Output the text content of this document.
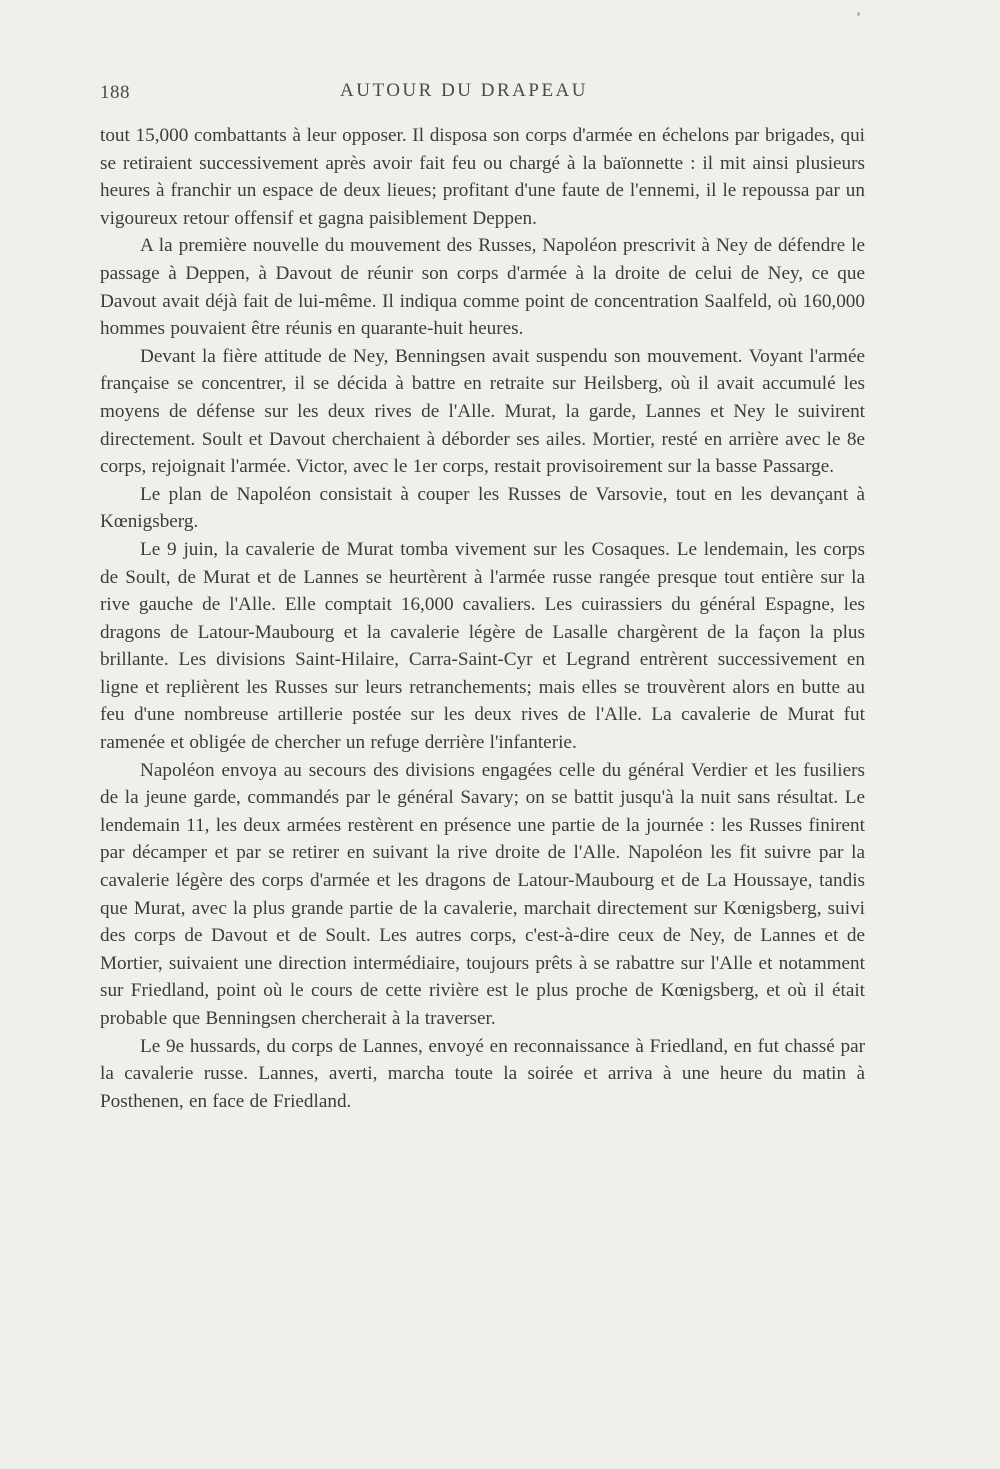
188	AUTOUR DU DRAPEAU

tout 15,000 combattants à leur opposer. Il disposa son corps d'armée en échelons par brigades, qui se retiraient successivement après avoir fait feu ou chargé à la baïonnette : il mit ainsi plusieurs heures à franchir un espace de deux lieues; profitant d'une faute de l'ennemi, il le repoussa par un vigoureux retour offensif et gagna paisiblement Deppen.

A la première nouvelle du mouvement des Russes, Napoléon prescrivit à Ney de défendre le passage à Deppen, à Davout de réunir son corps d'armée à la droite de celui de Ney, ce que Davout avait déjà fait de lui-même. Il indiqua comme point de concentration Saalfeld, où 160,000 hommes pouvaient être réunis en quarante-huit heures.

Devant la fière attitude de Ney, Benningsen avait suspendu son mouvement. Voyant l'armée française se concentrer, il se décida à battre en retraite sur Heilsberg, où il avait accumulé les moyens de défense sur les deux rives de l'Alle. Murat, la garde, Lannes et Ney le suivirent directement. Soult et Davout cherchaient à déborder ses ailes. Mortier, resté en arrière avec le 8e corps, rejoignait l'armée. Victor, avec le 1er corps, restait provisoirement sur la basse Passarge.

Le plan de Napoléon consistait à couper les Russes de Varsovie, tout en les devançant à Kœnigsberg.

Le 9 juin, la cavalerie de Murat tomba vivement sur les Cosaques. Le lendemain, les corps de Soult, de Murat et de Lannes se heurtèrent à l'armée russe rangée presque tout entière sur la rive gauche de l'Alle. Elle comptait 16,000 cavaliers. Les cuirassiers du général Espagne, les dragons de Latour-Maubourg et la cavalerie légère de Lasalle chargèrent de la façon la plus brillante. Les divisions Saint-Hilaire, Carra-Saint-Cyr et Legrand entrèrent successivement en ligne et replièrent les Russes sur leurs retranchements; mais elles se trouvèrent alors en butte au feu d'une nombreuse artillerie postée sur les deux rives de l'Alle. La cavalerie de Murat fut ramenée et obligée de chercher un refuge derrière l'infanterie.

Napoléon envoya au secours des divisions engagées celle du général Verdier et les fusiliers de la jeune garde, commandés par le général Savary; on se battit jusqu'à la nuit sans résultat. Le lendemain 11, les deux armées restèrent en présence une partie de la journée : les Russes finirent par décamper et par se retirer en suivant la rive droite de l'Alle. Napoléon les fit suivre par la cavalerie légère des corps d'armée et les dragons de Latour-Maubourg et de La Houssaye, tandis que Murat, avec la plus grande partie de la cavalerie, marchait directement sur Kœnigsberg, suivi des corps de Davout et de Soult. Les autres corps, c'est-à-dire ceux de Ney, de Lannes et de Mortier, suivaient une direction intermédiaire, toujours prêts à se rabattre sur l'Alle et notamment sur Friedland, point où le cours de cette rivière est le plus proche de Kœnigsberg, et où il était probable que Benningsen chercherait à la traverser.

Le 9e hussards, du corps de Lannes, envoyé en reconnaissance à Friedland, en fut chassé par la cavalerie russe. Lannes, averti, marcha toute la soirée et arriva à une heure du matin à Posthenen, en face de Friedland.
